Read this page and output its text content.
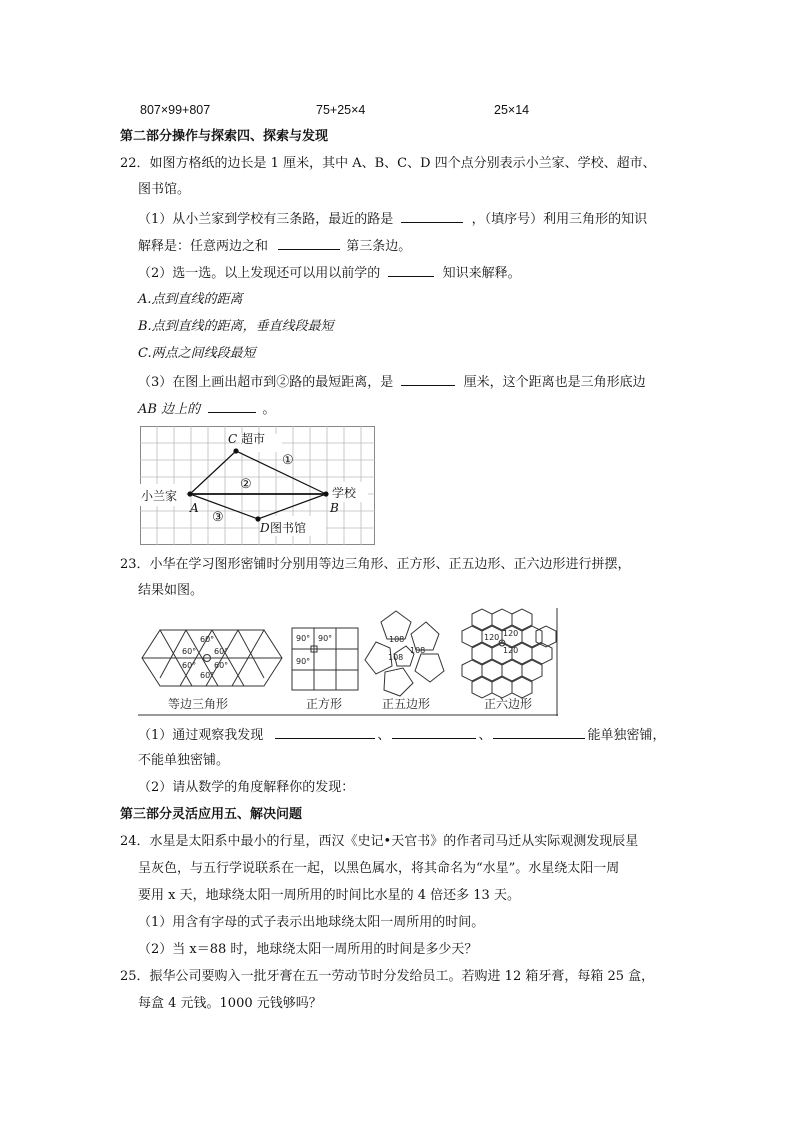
807×99+807	75+25×4	25×14
第二部分操作与探索四、探索与发现
22．如图方格纸的边长是 1 厘米，其中 A、B、C、D 四个点分别表示小兰家、学校、超市、
图书馆。
（1）从小兰家到学校有三条路，最近的路是	，（填序号）利用三角形的知识
解释是：任意两边之和	第三条边。
（2）选一选。以上发现还可以用以前学的	知识来解释。
A.点到直线的距离
B.点到直线的距离，垂直线段最短
C.两点之间线段最短
（3）在图上画出超市到②路的最短距离，是	厘米，这个距离也是三角形底边
AB 边上的	。
C 超市
小兰家
A	B
学校
D 图书馆
①
②
③
23．小华在学习图形密铺时分别用等边三角形、正方形、正五边形、正六边形进行拼摆，
结果如图。
60°
60° 60°
60° 60°
60°
90° 90°
90°
108
108
108
120 120
120
等边三角形	正方形	正五边形	正六边形
（1）通过观察我发现	、	、	能单独密铺，
不能单独密铺。
（2）请从数学的角度解释你的发现：
第三部分灵活应用五、解决问题
24．水星是太阳系中最小的行星，西汉《史记•天官书》的作者司马迁从实际观测发现辰星
呈灰色，与五行学说联系在一起，以黑色属水，将其命名为“水星”。水星绕太阳一周
要用 x 天，地球绕太阳一周所用的时间比水星的 4 倍还多 13 天。
（1）用含有字母的式子表示出地球绕太阳一周所用的时间。
（2）当 x＝88 时，地球绕太阳一周所用的时间是多少天？
25．振华公司要购入一批牙膏在五一劳动节时分发给员工。若购进 12 箱牙膏，每箱 25 盒，
每盒 4 元钱。1000 元钱够吗？
